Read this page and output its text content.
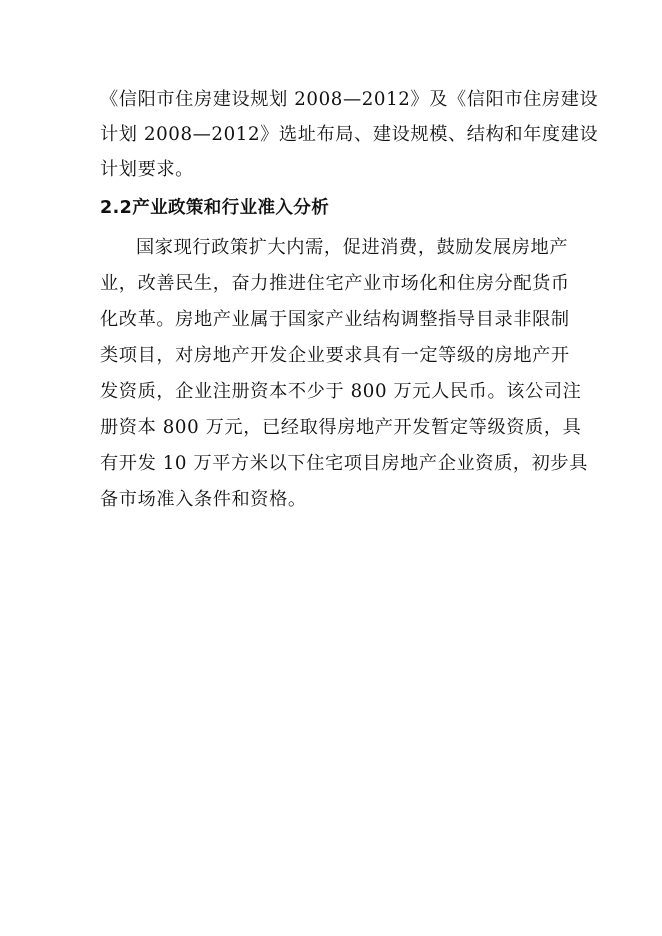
《信阳市住房建设规划 2008—2012》及《信阳市住房建设
计划 2008—2012》选址布局、建设规模、结构和年度建设
计划要求。
2.2产业政策和行业准入分析
国家现行政策扩大内需，促进消费，鼓励发展房地产
业，改善民生，奋力推进住宅产业市场化和住房分配货币
化改革。房地产业属于国家产业结构调整指导目录非限制
类项目，对房地产开发企业要求具有一定等级的房地产开
发资质，企业注册资本不少于 800 万元人民币。该公司注
册资本 800 万元，已经取得房地产开发暂定等级资质，具
有开发 10 万平方米以下住宅项目房地产企业资质，初步具
备市场准入条件和资格。
